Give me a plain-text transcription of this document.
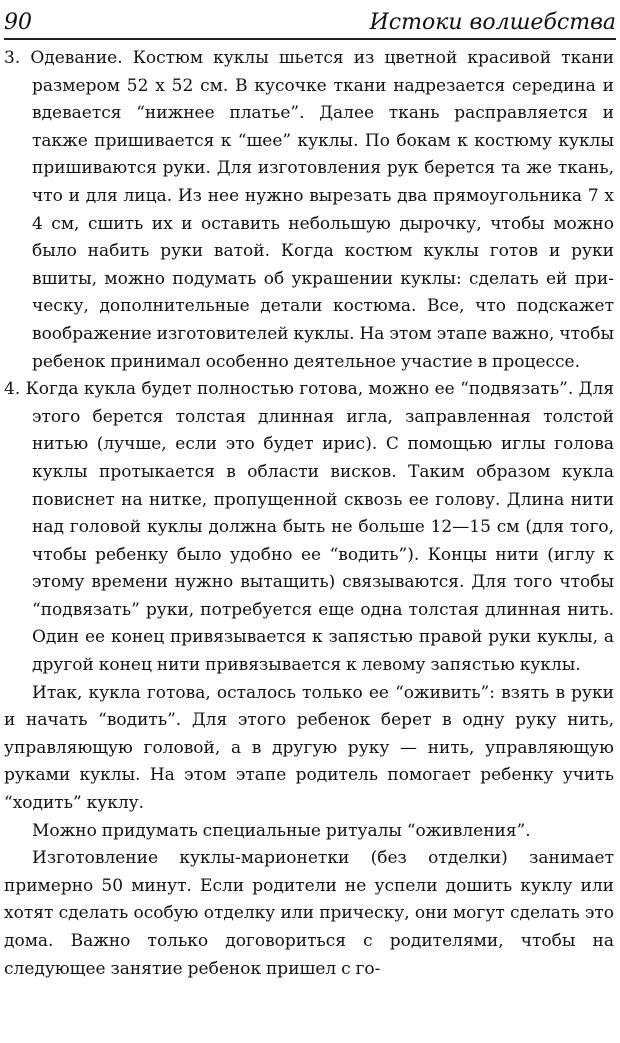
90	Истоки волшебства

3. Одевание. Костюм куклы шьется из цветной красивой ткани размером 52 х 52 см. В кусочке ткани надрезается середина и вдевается “нижнее платье”. Далее ткань расправляется и также пришивается к “шее” куклы. По бокам к костюму куклы пришиваются руки. Для изготовления рук берется та же ткань, что и для лица. Из нее нужно вырезать два прямоугольника 7 х 4 см, сшить их и оставить небольшую дырочку, чтобы можно было набить руки ватой. Когда костюм куклы готов и руки вшиты, можно подумать об украшении куклы: сделать ей прическу, дополнительные детали костюма. Все, что подскажет воображение изготовителей куклы. На этом этапе важно, чтобы ребенок принимал особенно деятельное участие в процессе.

4. Когда кукла будет полностью готова, можно ее “подвязать”. Для этого берется толстая длинная игла, заправленная толстой нитью (лучше, если это будет ирис). С помощью иглы голова куклы протыкается в области висков. Таким образом кукла повиснет на нитке, пропущенной сквозь ее голову. Длина нити над головой куклы должна быть не больше 12—15 см (для того, чтобы ребенку было удобно ее “водить”). Концы нити (иглу к этому времени нужно вытащить) связываются. Для того чтобы “подвязать” руки, потребуется еще одна толстая длинная нить. Один ее конец привязывается к запястью правой руки куклы, а другой конец нити привязывается к левому запястью куклы.

Итак, кукла готова, осталось только ее “оживить”: взять в руки и начать “водить”. Для этого ребенок берет в одну руку нить, управляющую головой, а в другую руку — нить, управляющую руками куклы. На этом этапе родитель помогает ребенку учить “ходить” куклу.

Можно придумать специальные ритуалы “оживления”.

Изготовление куклы-марионетки (без отделки) занимает примерно 50 минут. Если родители не успели дошить куклу или хотят сделать особую отделку или прическу, они могут сделать это дома. Важно только договориться с родителями, чтобы на следующее занятие ребенок пришел с го-
